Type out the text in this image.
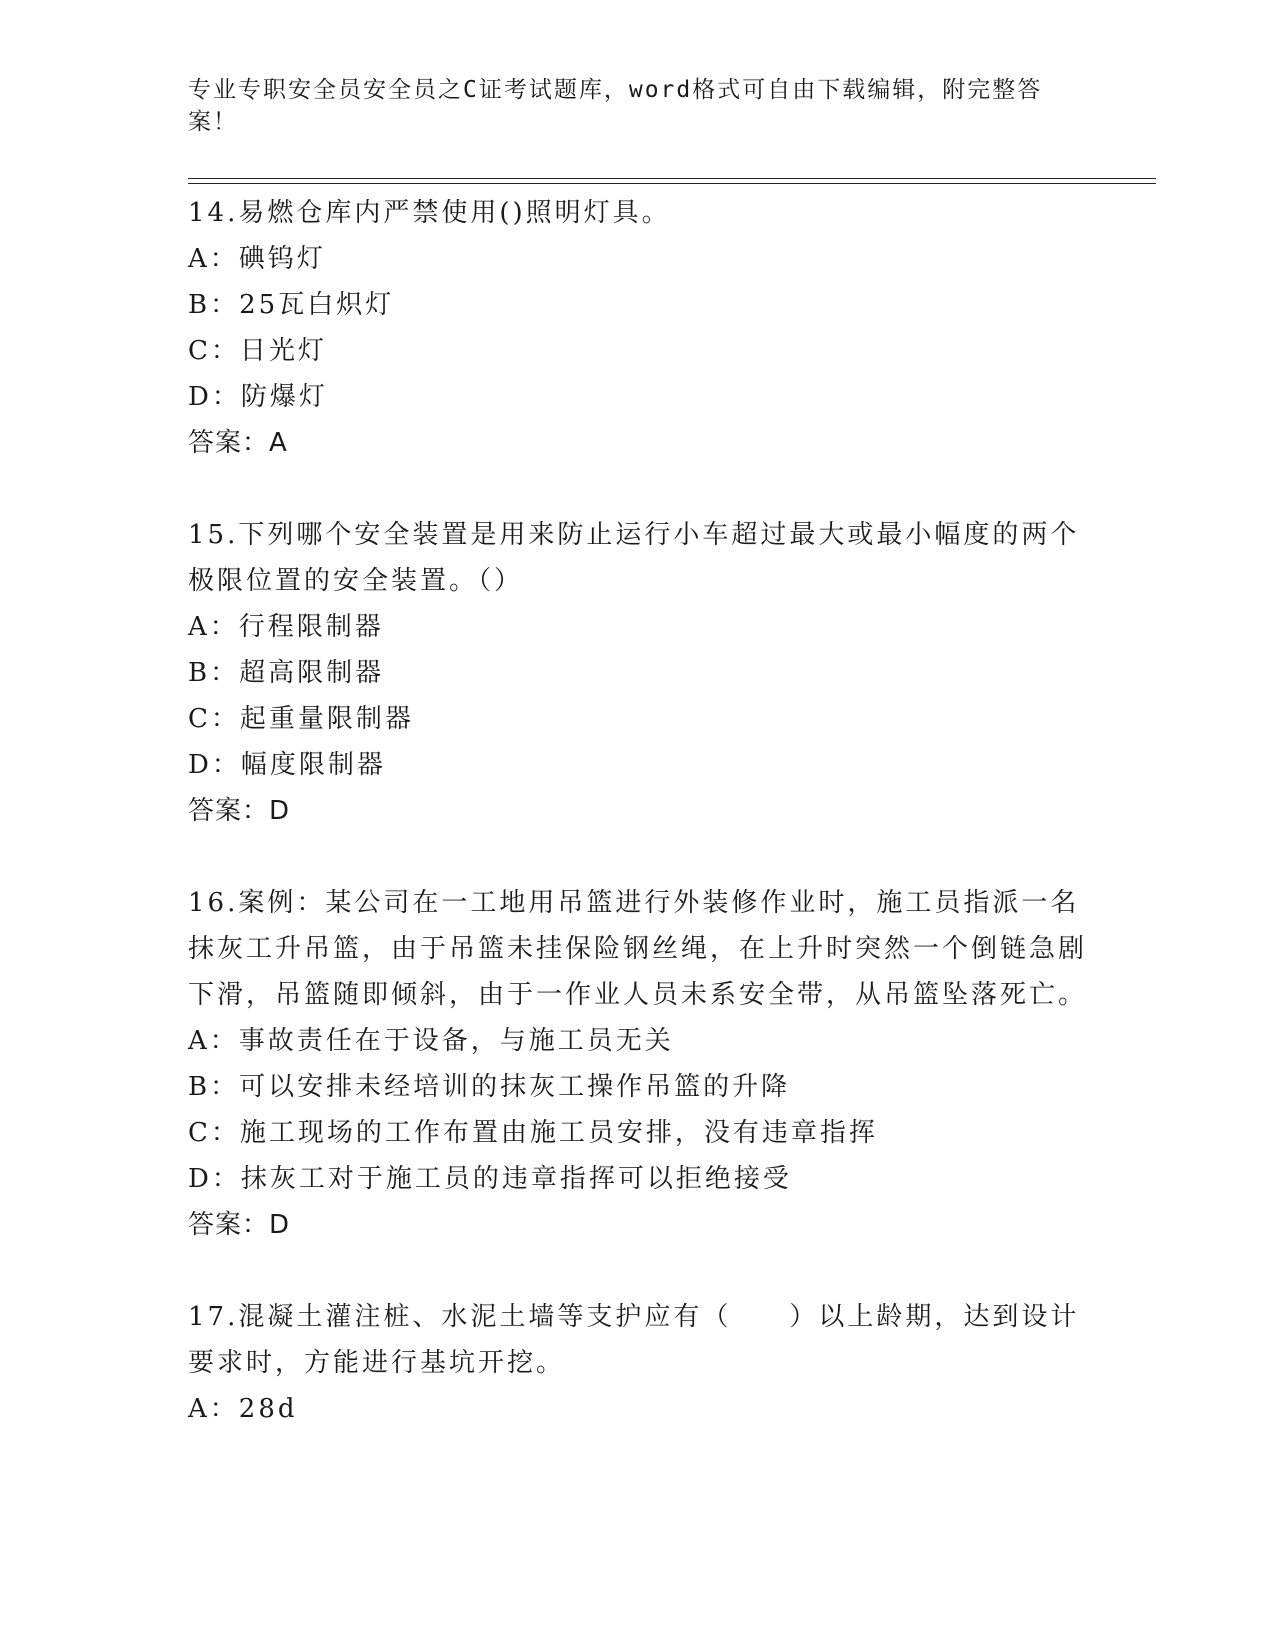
专业专职安全员安全员之C证考试题库，word格式可自由下载编辑，附完整答案！
14.易燃仓库内严禁使用()照明灯具。
A：碘钨灯
B：25瓦白炽灯
C：日光灯
D：防爆灯
答案：A
15.下列哪个安全装置是用来防止运行小车超过最大或最小幅度的两个极限位置的安全装置。（）
A：行程限制器
B：超高限制器
C：起重量限制器
D：幅度限制器
答案：D
16.案例：某公司在一工地用吊篮进行外装修作业时，施工员指派一名抹灰工升吊篮，由于吊篮未挂保险钢丝绳，在上升时突然一个倒链急剧下滑，吊篮随即倾斜，由于一作业人员未系安全带，从吊篮坠落死亡。
A：事故责任在于设备，与施工员无关
B：可以安排未经培训的抹灰工操作吊篮的升降
C：施工现场的工作布置由施工员安排，没有违章指挥
D：抹灰工对于施工员的违章指挥可以拒绝接受
答案：D
17.混凝土灌注桩、水泥土墙等支护应有（　　）以上龄期，达到设计要求时，方能进行基坑开挖。
A：28d
